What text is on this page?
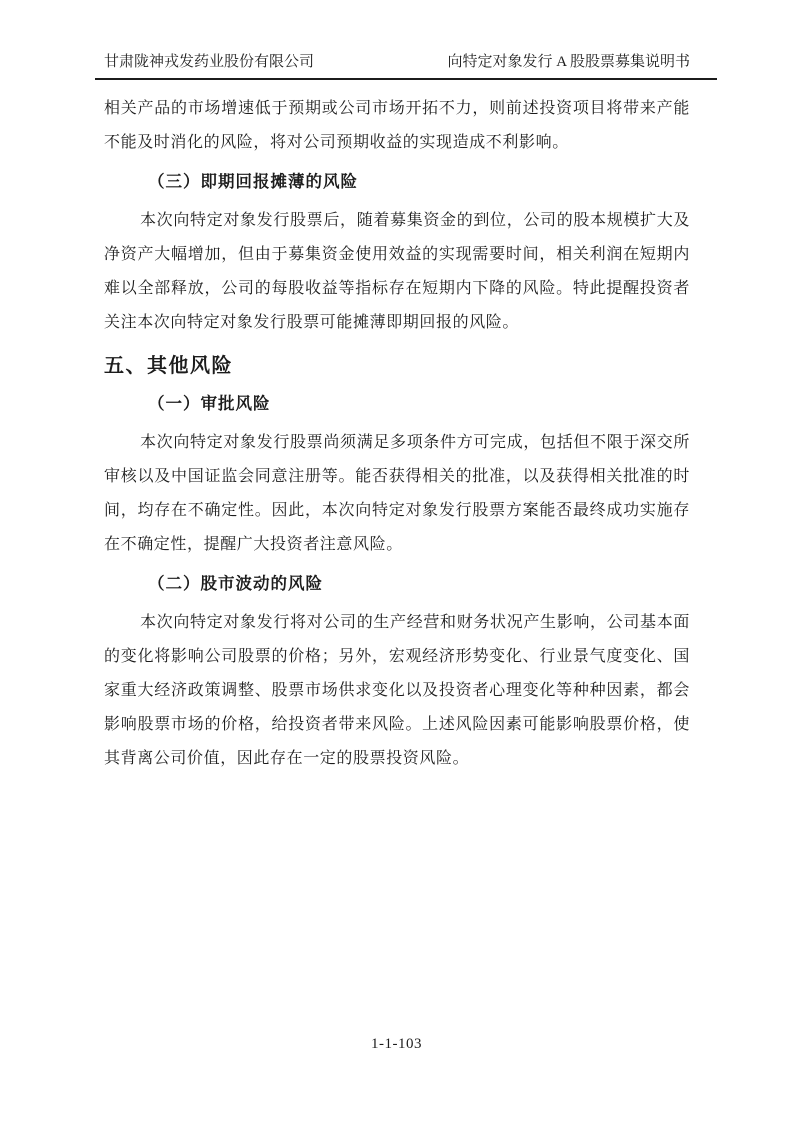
甘肃陇神戎发药业股份有限公司	向特定对象发行 A 股股票募集说明书

相关产品的市场增速低于预期或公司市场开拓不力，则前述投资项目将带来产能不能及时消化的风险，将对公司预期收益的实现造成不利影响。

（三）即期回报摊薄的风险

本次向特定对象发行股票后，随着募集资金的到位，公司的股本规模扩大及净资产大幅增加，但由于募集资金使用效益的实现需要时间，相关利润在短期内难以全部释放，公司的每股收益等指标存在短期内下降的风险。特此提醒投资者关注本次向特定对象发行股票可能摊薄即期回报的风险。

五、其他风险
（一）审批风险

本次向特定对象发行股票尚须满足多项条件方可完成，包括但不限于深交所审核以及中国证监会同意注册等。能否获得相关的批准，以及获得相关批准的时间，均存在不确定性。因此，本次向特定对象发行股票方案能否最终成功实施存在不确定性，提醒广大投资者注意风险。

（二）股市波动的风险

本次向特定对象发行将对公司的生产经营和财务状况产生影响，公司基本面的变化将影响公司股票的价格；另外，宏观经济形势变化、行业景气度变化、国家重大经济政策调整、股票市场供求变化以及投资者心理变化等种种因素，都会影响股票市场的价格，给投资者带来风险。上述风险因素可能影响股票价格，使其背离公司价值，因此存在一定的股票投资风险。

1-1-103
